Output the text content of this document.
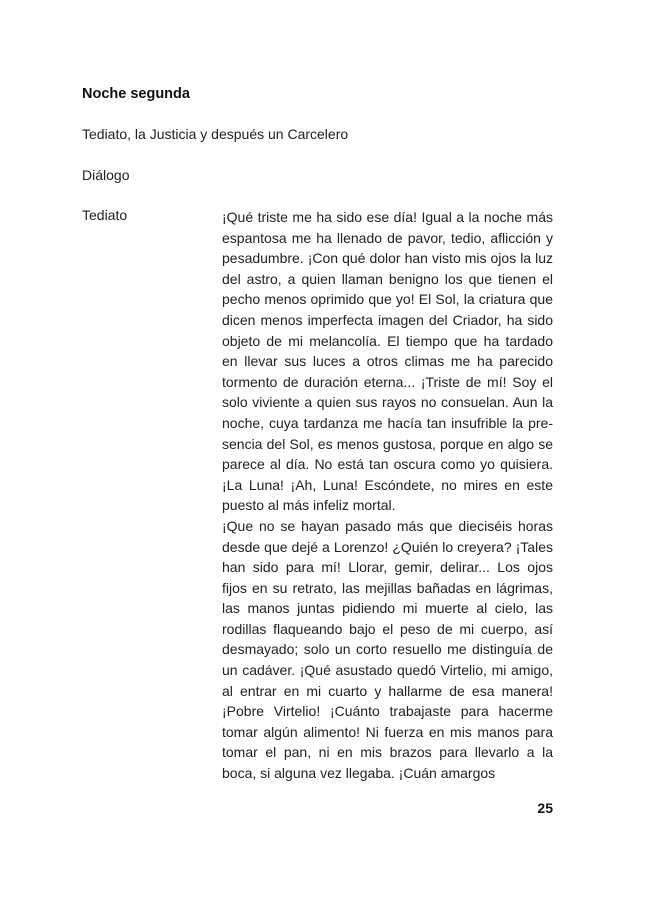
Noche segunda

Tediato, la Justicia y después un Carcelero

Diálogo

Tediato	¡Qué triste me ha sido ese día! Igual a la noche más espantosa me ha llenado de pavor, tedio, aflicción y pesadumbre. ¡Con qué dolor han visto mis ojos la luz del astro, a quien llaman benigno los que tienen el pecho menos oprimido que yo! El Sol, la criatura que dicen menos imperfecta imagen del Criador, ha sido objeto de mi melancolía. El tiempo que ha tardado en llevar sus luces a otros climas me ha parecido tormento de duración eterna... ¡Triste de mí! Soy el solo viviente a quien sus rayos no consuelan. Aun la noche, cuya tardanza me hacía tan insufrible la presencia del Sol, es menos gustosa, porque en algo se parece al día. No está tan oscura como yo quisiera. ¡La Luna! ¡Ah, Luna! Escóndete, no mires en este puesto al más infeliz mortal.

¡Que no se hayan pasado más que dieciséis horas desde que dejé a Lorenzo! ¿Quién lo creyera? ¡Tales han sido para mí! Llorar, gemir, delirar... Los ojos fijos en su retrato, las mejillas bañadas en lágrimas, las manos juntas pidiendo mi muerte al cielo, las rodillas flaqueando bajo el peso de mi cuerpo, así desmayado; solo un corto resuello me distinguía de un cadáver. ¡Qué asustado quedó Virtelio, mi amigo, al entrar en mi cuarto y hallarme de esa manera! ¡Pobre Virtelio! ¡Cuánto trabajaste para hacerme tomar algún alimento! Ni fuerza en mis manos para tomar el pan, ni en mis brazos para llevarlo a la boca, si alguna vez llegaba. ¡Cuán amargos

25
